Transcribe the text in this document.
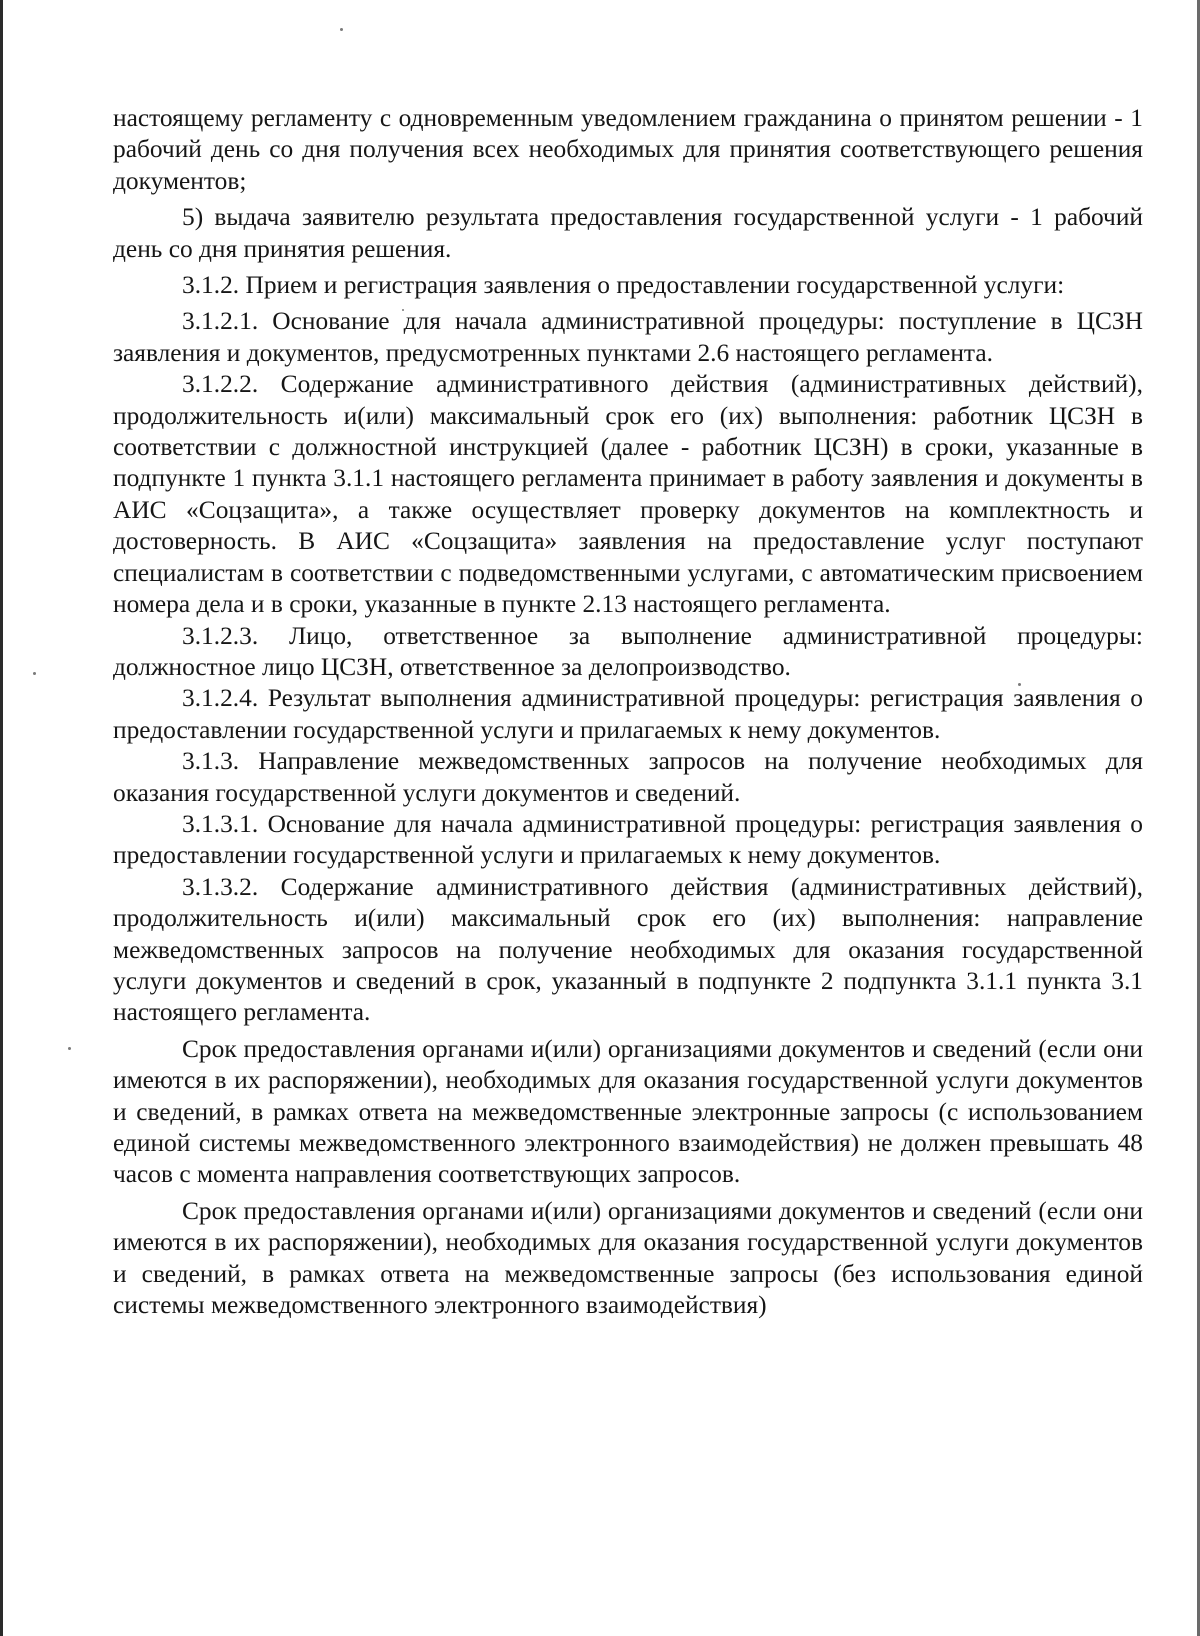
настоящему регламенту с одновременным уведомлением гражданина о принятом решении - 1 рабочий день со дня получения всех необходимых для принятия соответствующего решения документов;

5) выдача заявителю результата предоставления государственной услуги - 1 рабочий день со дня принятия решения.

3.1.2. Прием и регистрация заявления о предоставлении государственной услуги:

3.1.2.1. Основание для начала административной процедуры: поступление в ЦСЗН заявления и документов, предусмотренных пунктами 2.6 настоящего регламента.

3.1.2.2. Содержание административного действия (административных действий), продолжительность и(или) максимальный срок его (их) выполнения: работник ЦСЗН в соответствии с должностной инструкцией (далее - работник ЦСЗН) в сроки, указанные в подпункте 1 пункта 3.1.1 настоящего регламента принимает в работу заявления и документы в АИС «Соцзащита», а также осуществляет проверку документов на комплектность и достоверность. В АИС «Соцзащита» заявления на предоставление услуг поступают специалистам в соответствии с подведомственными услугами, с автоматическим присвоением номера дела и в сроки, указанные в пункте 2.13 настоящего регламента.

3.1.2.3. Лицо, ответственное за выполнение административной процедуры: должностное лицо ЦСЗН, ответственное за делопроизводство.

3.1.2.4. Результат выполнения административной процедуры: регистрация заявления о предоставлении государственной услуги и прилагаемых к нему документов.

3.1.3. Направление межведомственных запросов на получение необходимых для оказания государственной услуги документов и сведений.

3.1.3.1. Основание для начала административной процедуры: регистрация заявления о предоставлении государственной услуги и прилагаемых к нему документов.

3.1.3.2. Содержание административного действия (административных действий), продолжительность и(или) максимальный срок его (их) выполнения: направление межведомственных запросов на получение необходимых для оказания государственной услуги документов и сведений в срок, указанный в подпункте 2 подпункта 3.1.1 пункта 3.1 настоящего регламента.

Срок предоставления органами и(или) организациями документов и сведений (если они имеются в их распоряжении), необходимых для оказания государственной услуги документов и сведений, в рамках ответа на межведомственные электронные запросы (с использованием единой системы межведомственного электронного взаимодействия) не должен превышать 48 часов с момента направления соответствующих запросов.

Срок предоставления органами и(или) организациями документов и сведений (если они имеются в их распоряжении), необходимых для оказания государственной услуги документов и сведений, в рамках ответа на межведомственные запросы (без использования единой системы межведомственного электронного взаимодействия)
